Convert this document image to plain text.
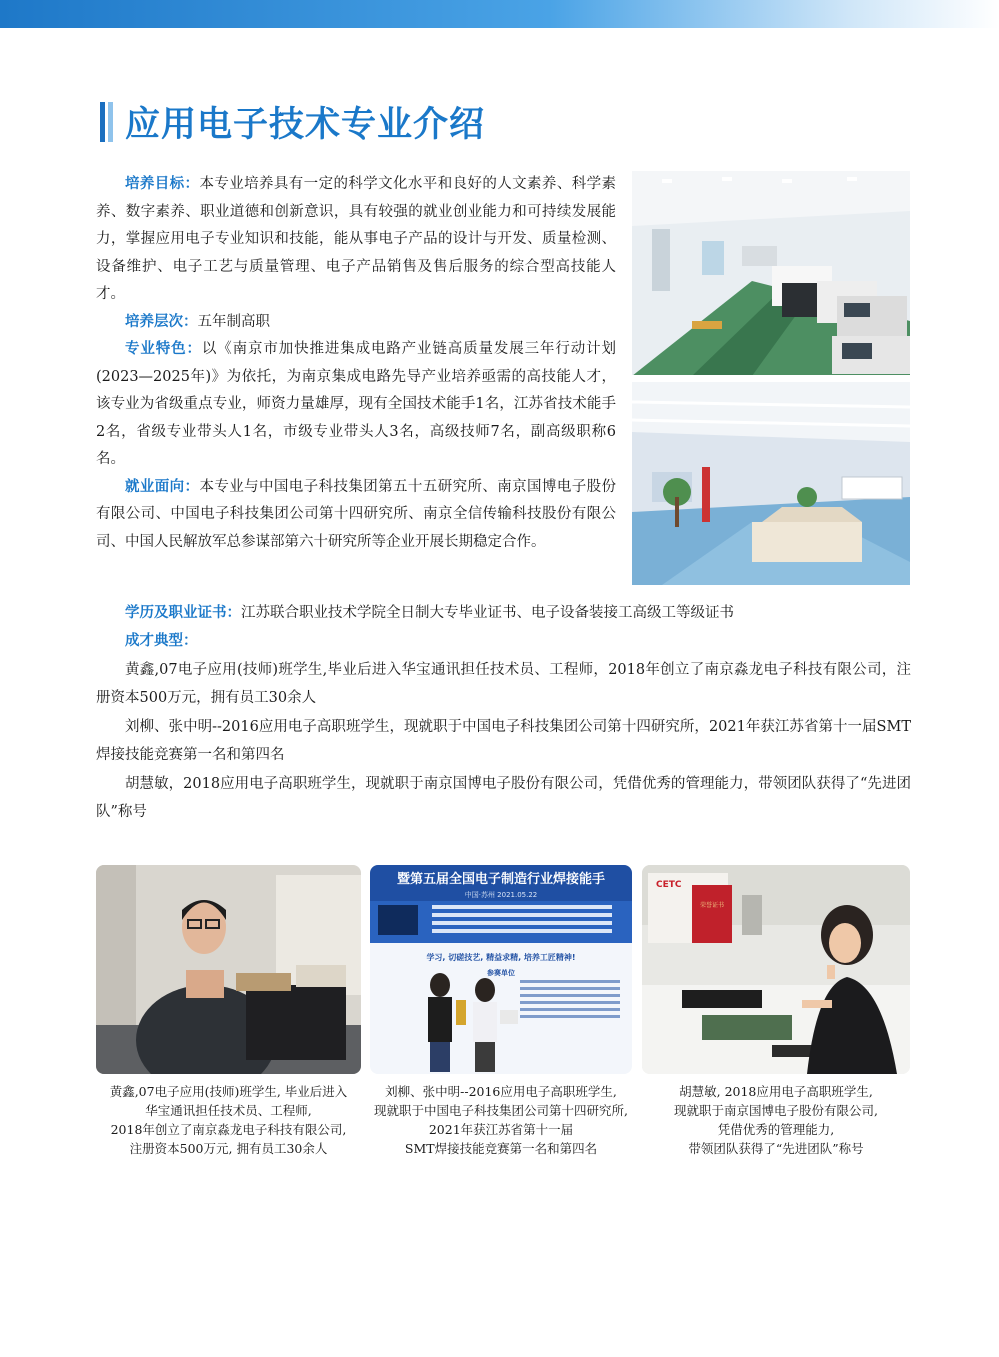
应用电子技术专业介绍

培养目标：本专业培养具有一定的科学文化水平和良好的人文素养、科学素养、数字素养、职业道德和创新意识，具有较强的就业创业能力和可持续发展能力，掌握应用电子专业知识和技能，能从事电子产品的设计与开发、质量检测、设备维护、电子工艺与质量管理、电子产品销售及售后服务的综合型高技能人才。

培养层次：五年制高职

专业特色：以《南京市加快推进集成电路产业链高质量发展三年行动计划(2023—2025年)》为依托，为南京集成电路先导产业培养亟需的高技能人才，该专业为省级重点专业，师资力量雄厚，现有全国技术能手1名，江苏省技术能手2名，省级专业带头人1名，市级专业带头人3名，高级技师7名，副高级职称6名。

就业面向：本专业与中国电子科技集团第五十五研究所、南京国博电子股份有限公司、中国电子科技集团公司第十四研究所、南京全信传输科技股份有限公司、中国人民解放军总参谋部第六十研究所等企业开展长期稳定合作。

学历及职业证书：江苏联合职业技术学院全日制大专毕业证书、电子设备装接工高级工等级证书

成才典型：

黄鑫,07电子应用(技师)班学生,毕业后进入华宝通讯担任技术员、工程师，2018年创立了南京淼龙电子科技有限公司，注册资本500万元，拥有员工30余人

刘柳、张中明--2016应用电子高职班学生，现就职于中国电子科技集团公司第十四研究所，2021年获江苏省第十一届SMT焊接技能竞赛第一名和第四名

胡慧敏，2018应用电子高职班学生，现就职于南京国博电子股份有限公司，凭借优秀的管理能力，带领团队获得了“先进团队”称号

暨第五届全国电子制造行业焊接能手
中国·苏州 2021.05.22
学习, 切磋技艺, 精益求精, 培养工匠精神!
参赛单位
CETC
荣誉证书
黄鑫,07电子应用(技师)班学生, 毕业后进入
华宝通讯担任技术员、工程师,
2018年创立了南京淼龙电子科技有限公司,
注册资本500万元, 拥有员工30余人
刘柳、张中明--2016应用电子高职班学生,
现就职于中国电子科技集团公司第十四研究所,
2021年获江苏省第十一届
SMT焊接技能竞赛第一名和第四名
胡慧敏, 2018应用电子高职班学生,
现就职于南京国博电子股份有限公司,
凭借优秀的管理能力,
带领团队获得了“先进团队”称号
